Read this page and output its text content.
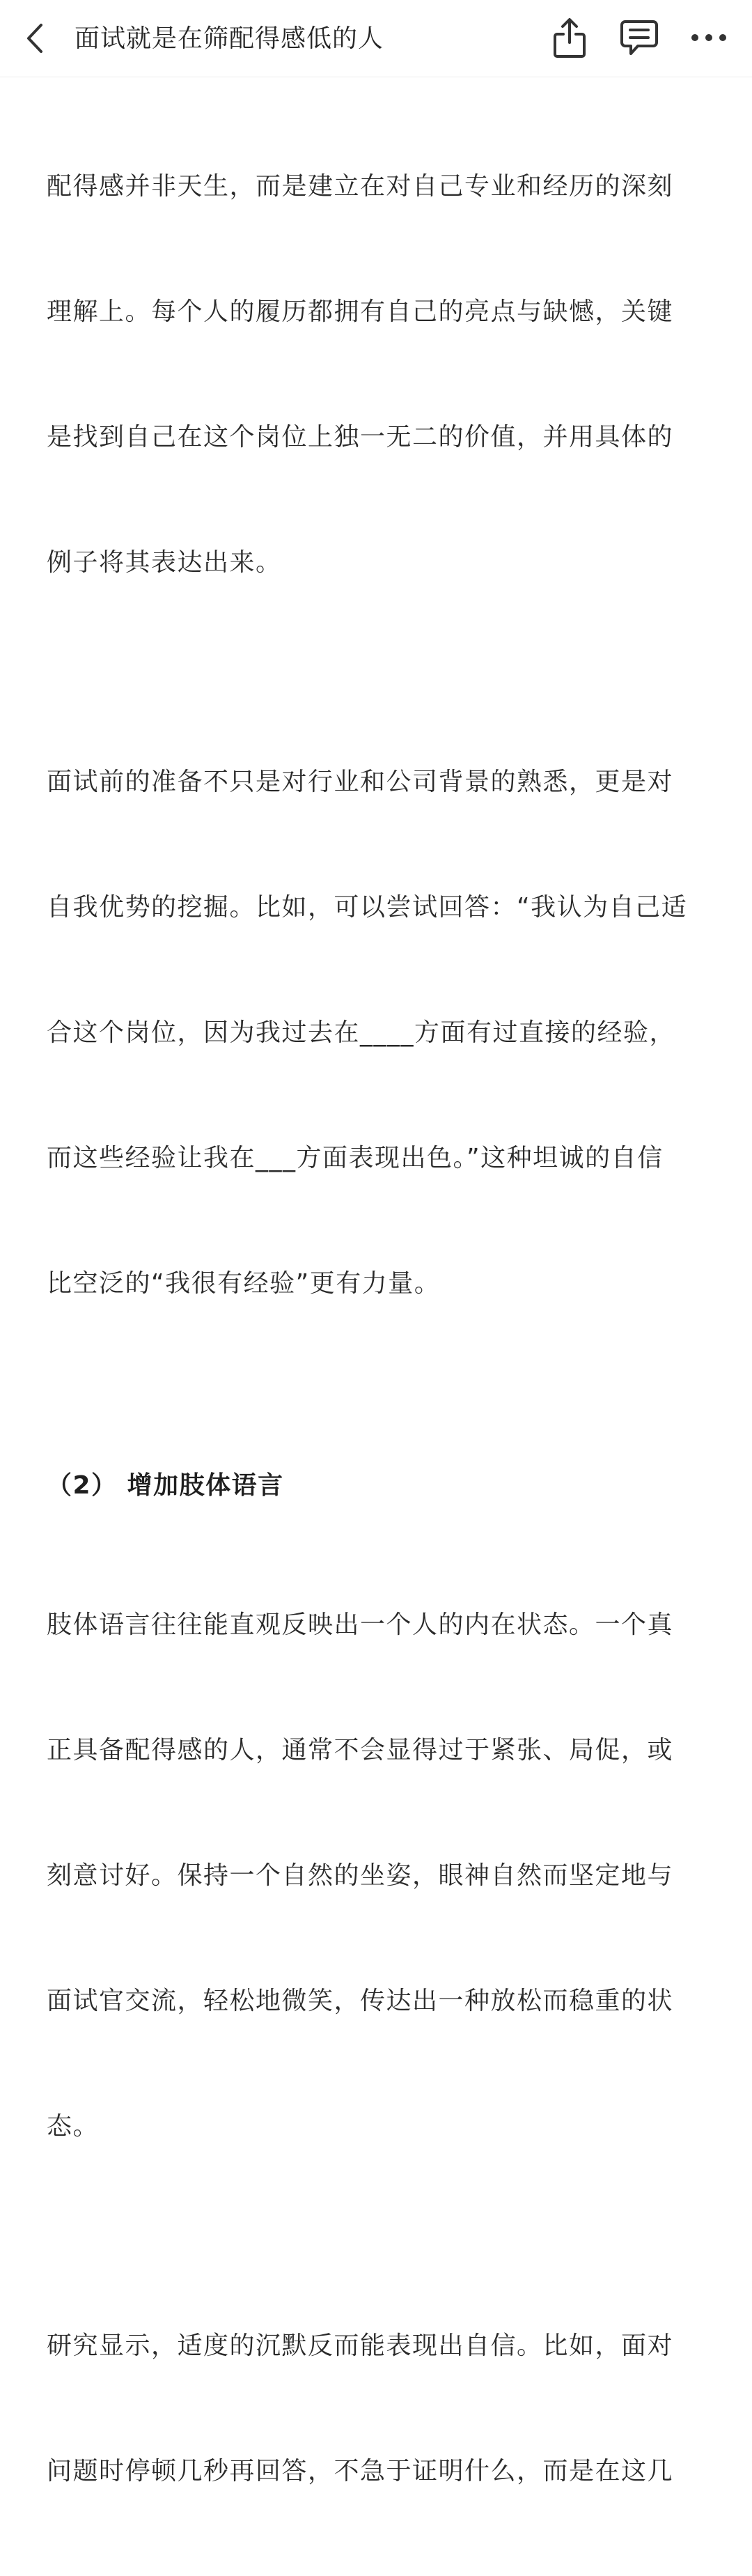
面试就是在筛配得感低的人

配得感并非天生，而是建立在对自己专业和经历的深刻

理解上。每个人的履历都拥有自己的亮点与缺憾，关键

是找到自己在这个岗位上独一无二的价值，并用具体的

例子将其表达出来。

面试前的准备不只是对行业和公司背景的熟悉，更是对

自我优势的挖掘。比如，可以尝试回答：“我认为自己适

合这个岗位，因为我过去在____方面有过直接的经验，

而这些经验让我在___方面表现出色。”这种坦诚的自信

比空泛的“我很有经验”更有力量。

（2） 增加肢体语言

肢体语言往往能直观反映出一个人的内在状态。一个真

正具备配得感的人，通常不会显得过于紧张、局促，或

刻意讨好。保持一个自然的坐姿，眼神自然而坚定地与

面试官交流，轻松地微笑，传达出一种放松而稳重的状

态。

研究显示，适度的沉默反而能表现出自信。比如，面对

问题时停顿几秒再回答，不急于证明什么，而是在这几
